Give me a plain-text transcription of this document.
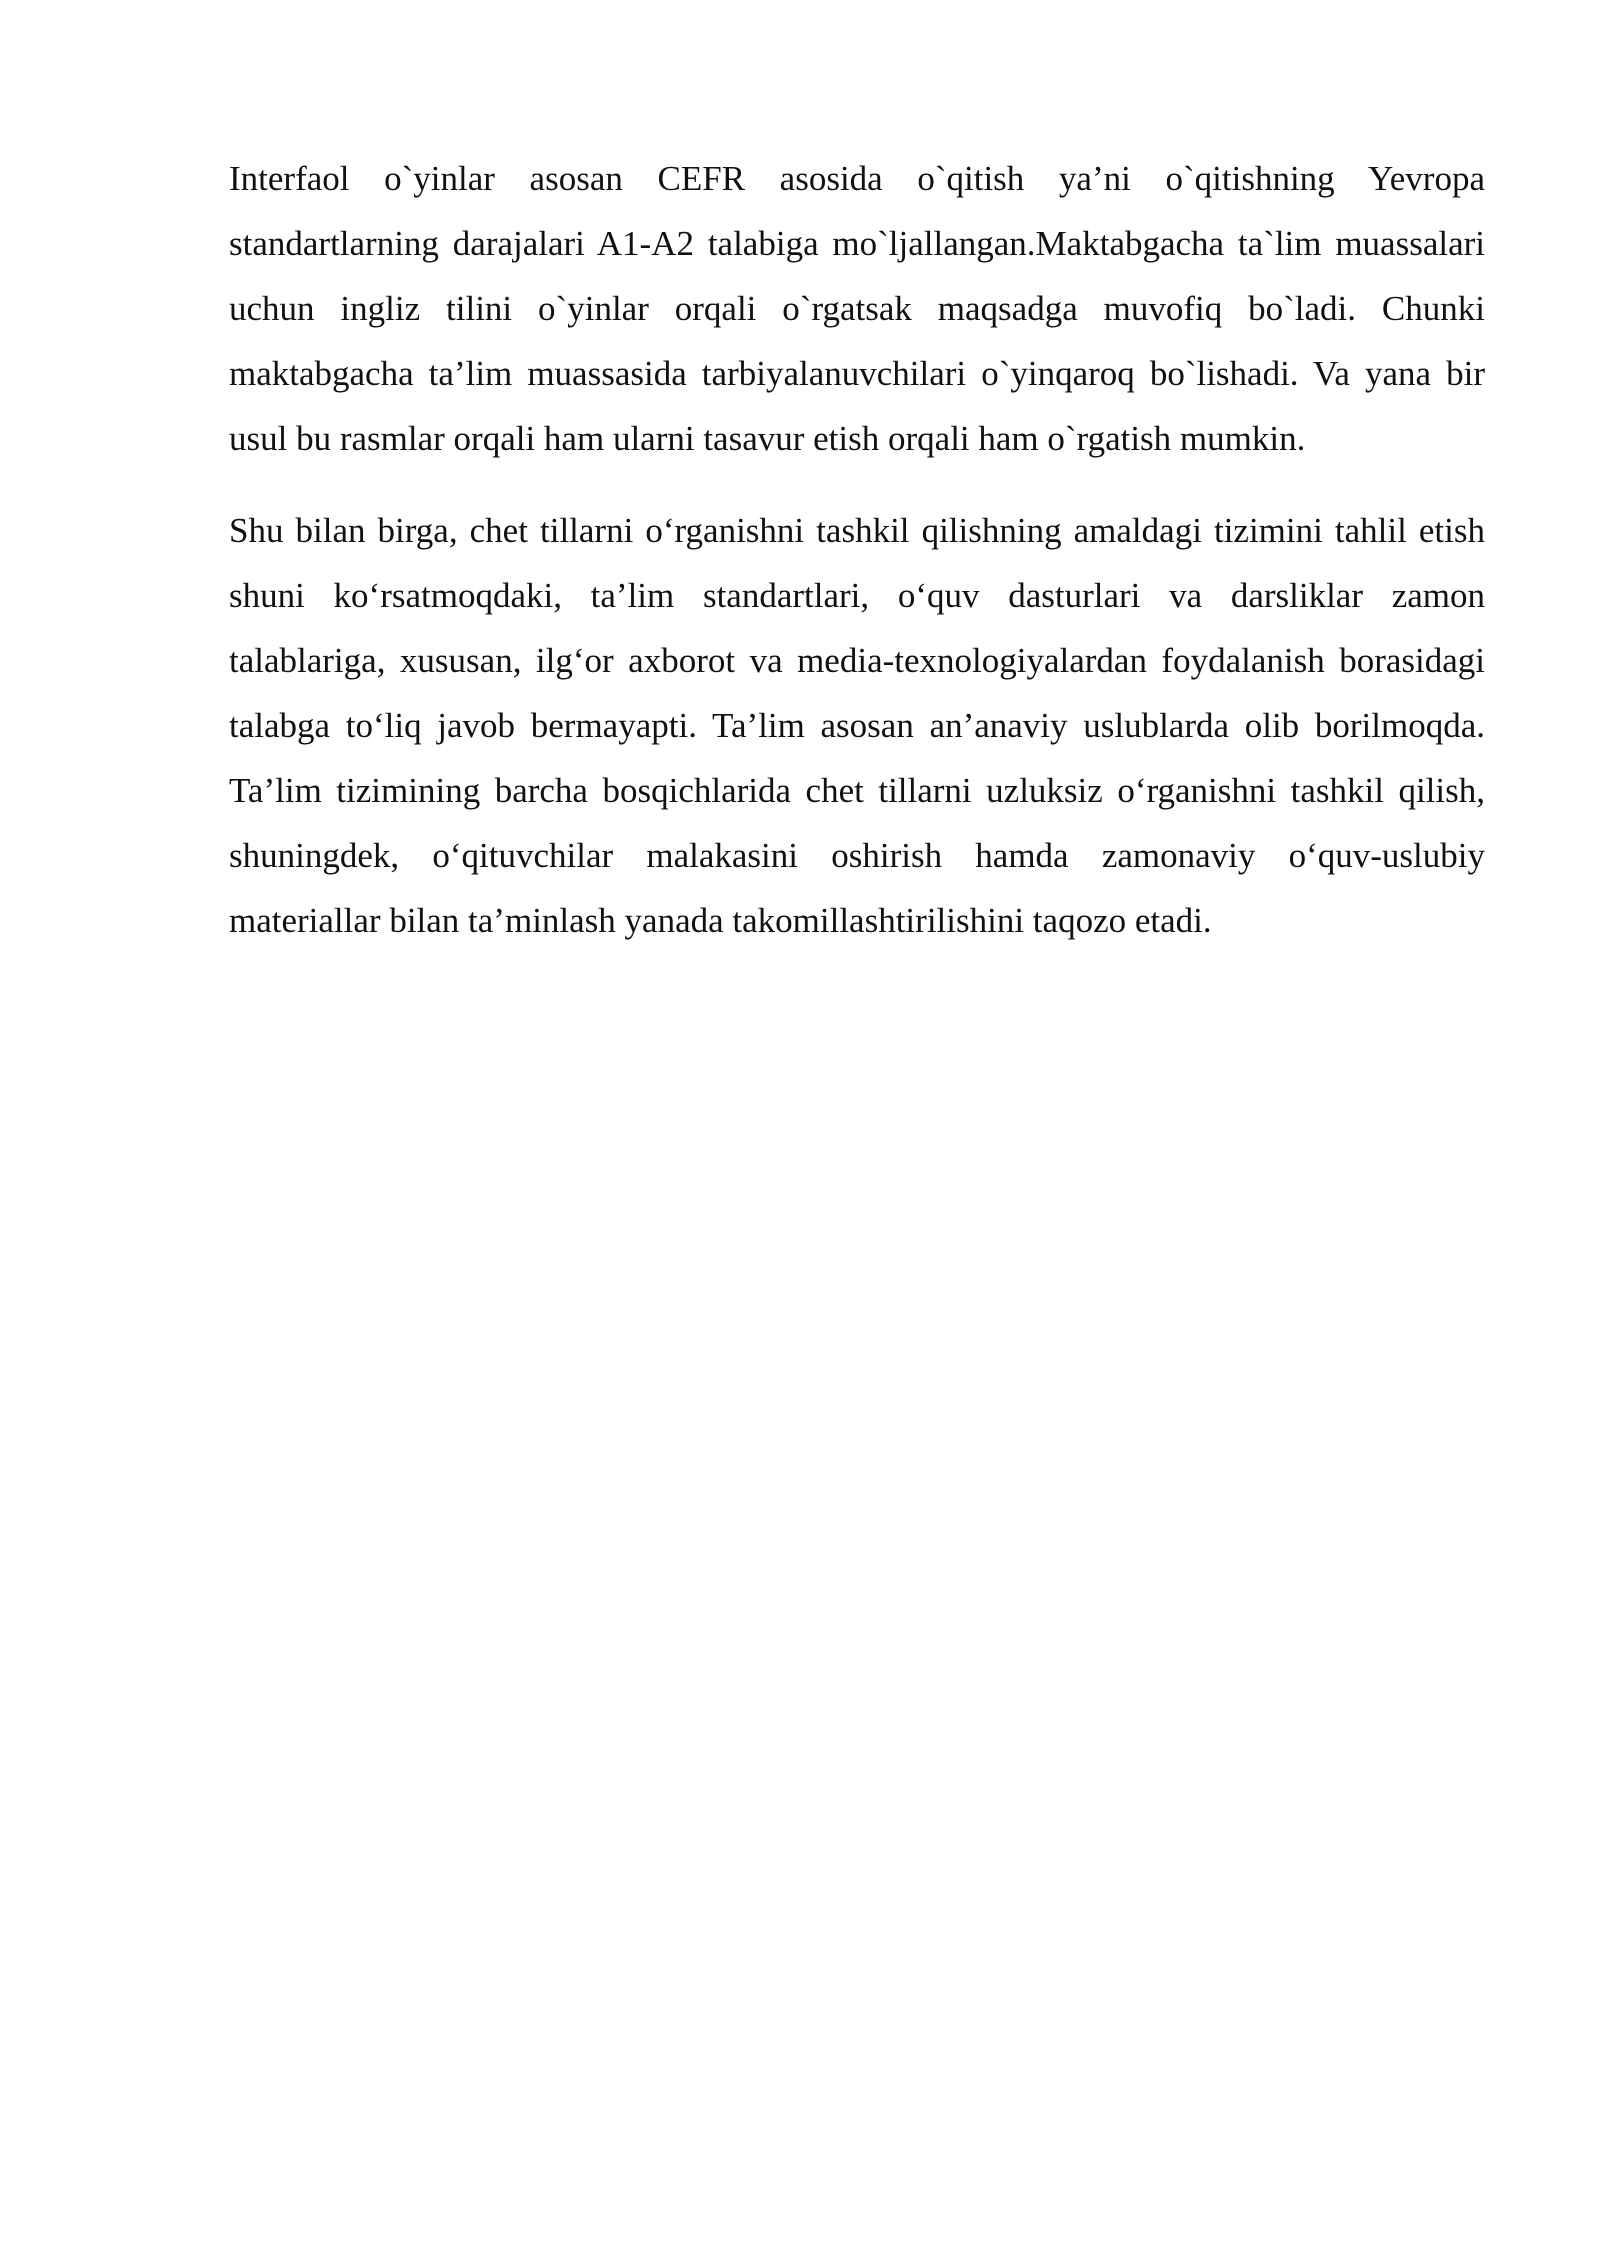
Interfaol o`yinlar asosan CEFR asosida o`qitish ya’ni o`qitishning Yevropa standartlarning darajalari A1-A2 talabiga mo`ljallangan.Maktabgacha ta`lim muassalari uchun ingliz tilini o`yinlar orqali o`rgatsak maqsadga muvofiq bo`ladi. Chunki maktabgacha ta’lim muassasida tarbiyalanuvchilari o`yinqaroq bo`lishadi. Va yana bir usul bu rasmlar orqali ham ularni tasavur etish orqali ham o`rgatish mumkin.

Shu bilan birga, chet tillarni o‘rganishni tashkil qilishning amaldagi tizimini tahlil etish shuni ko‘rsatmoqdaki, ta’lim standartlari, o‘quv dasturlari va darsliklar zamon talablariga, xususan, ilg‘or axborot va media-texnologiyalardan foydalanish borasidagi talabga to‘liq javob bermayapti. Ta’lim asosan an’anaviy uslublarda olib borilmoqda. Ta’lim tizimining barcha bosqichlarida chet tillarni uzluksiz o‘rganishni tashkil qilish, shuningdek, o‘qituvchilar malakasini oshirish hamda zamonaviy o‘quv-uslubiy materiallar bilan ta’minlash yanada takomillashtirilishini taqozo etadi.
